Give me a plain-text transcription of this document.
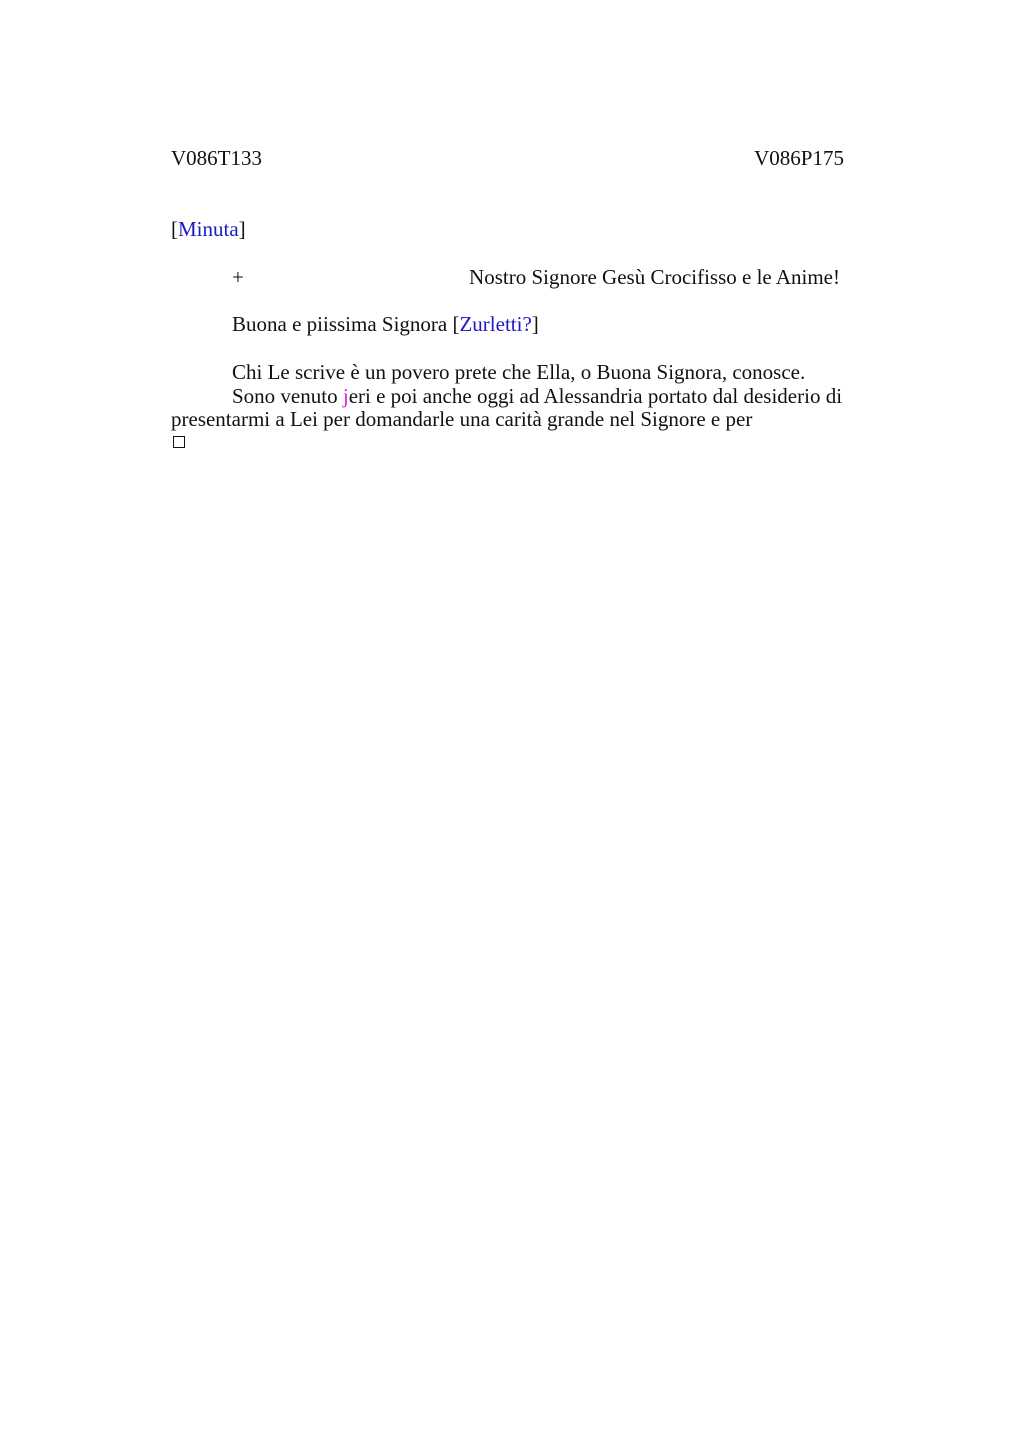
V086T133	V086P175
[Minuta]
+	Nostro Signore Gesù Crocifisso e le Anime!
Buona e piissima Signora [Zurletti?]
Chi Le scrive è un povero prete che Ella, o Buona Signora, conosce.
Sono venuto jeri e poi anche oggi ad Alessandria portato dal desiderio di
presentarmi a Lei per domandarle una carità grande nel Signore e per
